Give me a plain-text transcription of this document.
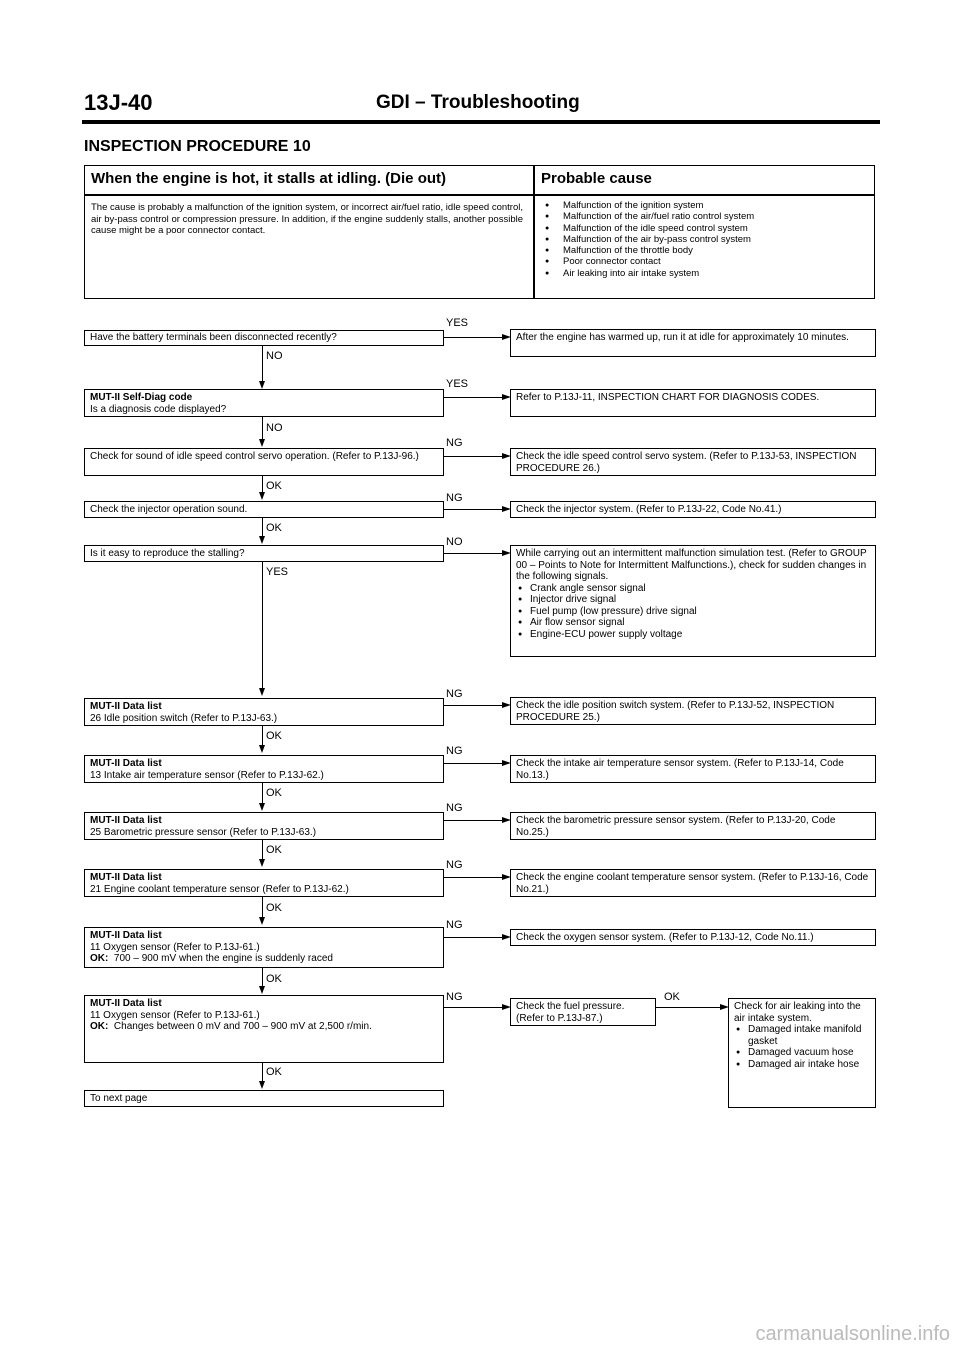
13J-40	GDI – Troubleshooting
INSPECTION PROCEDURE 10
When the engine is hot, it stalls at idling. (Die out)	Probable cause
The cause is probably a malfunction of the ignition system, or incorrect air/fuel ratio, idle speed control, air by-pass control or compression pressure. In addition, if the engine suddenly stalls, another possible cause might be a poor connector contact.
● Malfunction of the ignition system
● Malfunction of the air/fuel ratio control system
● Malfunction of the idle speed control system
● Malfunction of the air by-pass control system
● Malfunction of the throttle body
● Poor connector contact
● Air leaking into air intake system
Have the battery terminals been disconnected recently?
YES
After the engine has warmed up, run it at idle for approximately 10 minutes.
NO
MUT-II Self-Diag code
Is a diagnosis code displayed?
YES
Refer to P.13J-11, INSPECTION CHART FOR DIAGNOSIS CODES.
NO
Check for sound of idle speed control servo operation. (Refer to P.13J-96.)
NG
Check the idle speed control servo system. (Refer to P.13J-53, INSPECTION PROCEDURE 26.)
OK
Check the injector operation sound.
NG
Check the injector system. (Refer to P.13J-22, Code No.41.)
OK
Is it easy to reproduce the stalling?
NO
While carrying out an intermittent malfunction simulation test. (Refer to GROUP 00 – Points to Note for Intermittent Malfunctions.), check for sudden changes in the following signals.
● Crank angle sensor signal
● Injector drive signal
● Fuel pump (low pressure) drive signal
● Air flow sensor signal
● Engine-ECU power supply voltage
YES
MUT-II Data list
26 Idle position switch (Refer to P.13J-63.)
NG
Check the idle position switch system. (Refer to P.13J-52, INSPECTION PROCEDURE 25.)
OK
MUT-II Data list
13 Intake air temperature sensor (Refer to P.13J-62.)
NG
Check the intake air temperature sensor system. (Refer to P.13J-14, Code No.13.)
OK
MUT-II Data list
25 Barometric pressure sensor (Refer to P.13J-63.)
NG
Check the barometric pressure sensor system. (Refer to P.13J-20, Code No.25.)
OK
MUT-II Data list
21 Engine coolant temperature sensor (Refer to P.13J-62.)
NG
Check the engine coolant temperature sensor system. (Refer to P.13J-16, Code No.21.)
OK
MUT-II Data list
11 Oxygen sensor (Refer to P.13J-61.)
OK: 700 – 900 mV when the engine is suddenly raced
NG
Check the oxygen sensor system. (Refer to P.13J-12, Code No.11.)
OK
MUT-II Data list
11 Oxygen sensor (Refer to P.13J-61.)
OK: Changes between 0 mV and 700 – 900 mV at 2,500 r/min.
NG
Check the fuel pressure. (Refer to P.13J-87.)
OK
Check for air leaking into the air intake system.
● Damaged intake manifold gasket
● Damaged vacuum hose
● Damaged air intake hose
OK
To next page
carmanualsonline.info
